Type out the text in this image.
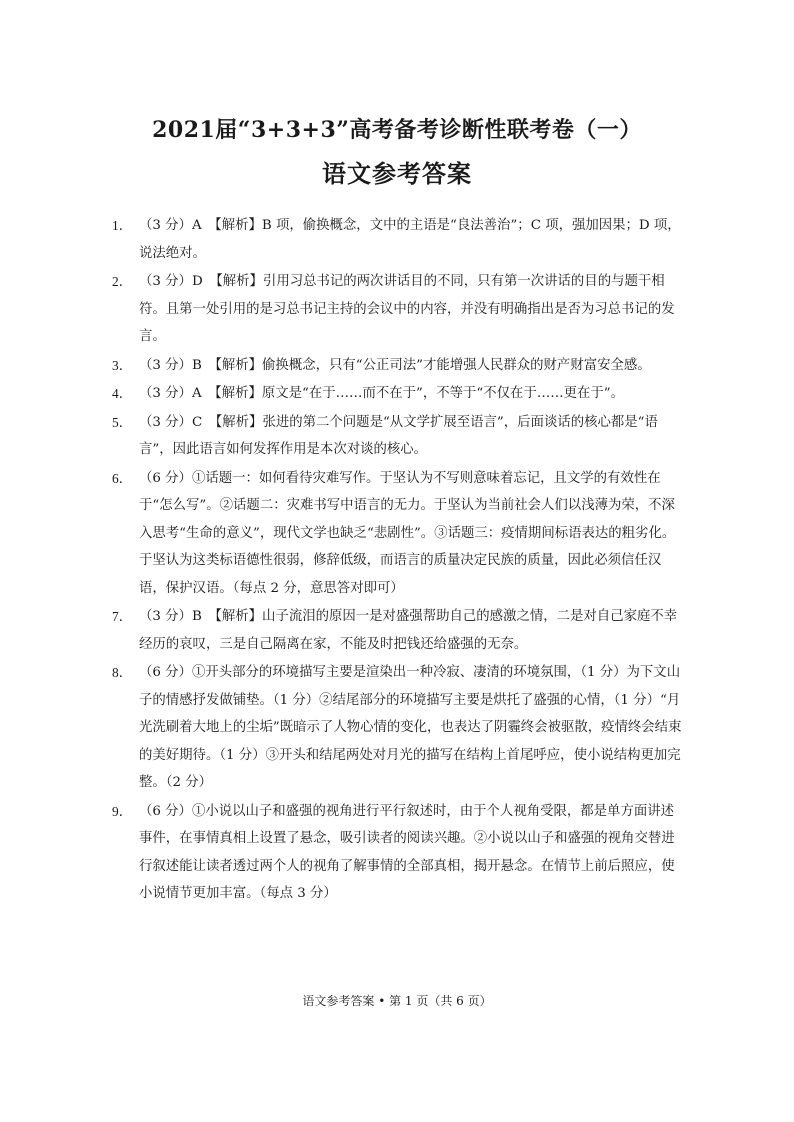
2021届“3+3+3”高考备考诊断性联考卷（一）
语文参考答案
1． （3 分）A　【解析】B 项，偷换概念，文中的主语是“良法善治”；C 项，强加因果；D 项，说法绝对。
2． （3 分）D　【解析】引用习总书记的两次讲话目的不同，只有第一次讲话的目的与题干相符。且第一处引用的是习总书记主持的会议中的内容，并没有明确指出是否为习总书记的发言。
3． （3 分）B　【解析】偷换概念，只有“公正司法”才能增强人民群众的财产财富安全感。
4． （3 分）A　【解析】原文是“在于……而不在于”，不等于“不仅在于……更在于”。
5． （3 分）C　【解析】张进的第二个问题是“从文学扩展至语言”，后面谈话的核心都是“语言”，因此语言如何发挥作用是本次对谈的核心。
6． （6 分）①话题一：如何看待灾难写作。于坚认为不写则意味着忘记，且文学的有效性在于“怎么写”。②话题二：灾难书写中语言的无力。于坚认为当前社会人们以浅薄为荣，不深入思考“生命的意义”，现代文学也缺乏“悲剧性”。③话题三：疫情期间标语表达的粗劣化。于坚认为这类标语德性很弱，修辞低级，而语言的质量决定民族的质量，因此必须信任汉语，保护汉语。（每点 2 分，意思答对即可）
7． （3 分）B　【解析】山子流泪的原因一是对盛强帮助自己的感激之情，二是对自己家庭不幸经历的哀叹，三是自己隔离在家，不能及时把钱还给盛强的无奈。
8． （6 分）①开头部分的环境描写主要是渲染出一种冷寂、凄清的环境氛围，（1 分）为下文山子的情感抒发做铺垫。（1 分）②结尾部分的环境描写主要是烘托了盛强的心情，（1 分）“月光洗刷着大地上的尘垢”既暗示了人物心情的变化，也表达了阴霾终会被驱散，疫情终会结束的美好期待。（1 分）③开头和结尾两处对月光的描写在结构上首尾呼应，使小说结构更加完整。（2 分）
9． （6 分）①小说以山子和盛强的视角进行平行叙述时，由于个人视角受限，都是单方面讲述事件，在事情真相上设置了悬念，吸引读者的阅读兴趣。②小说以山子和盛强的视角交替进行叙述能让读者透过两个人的视角了解事情的全部真相，揭开悬念。在情节上前后照应，使小说情节更加丰富。（每点 3 分）
语文参考答案 • 第 1 页（共 6 页）
